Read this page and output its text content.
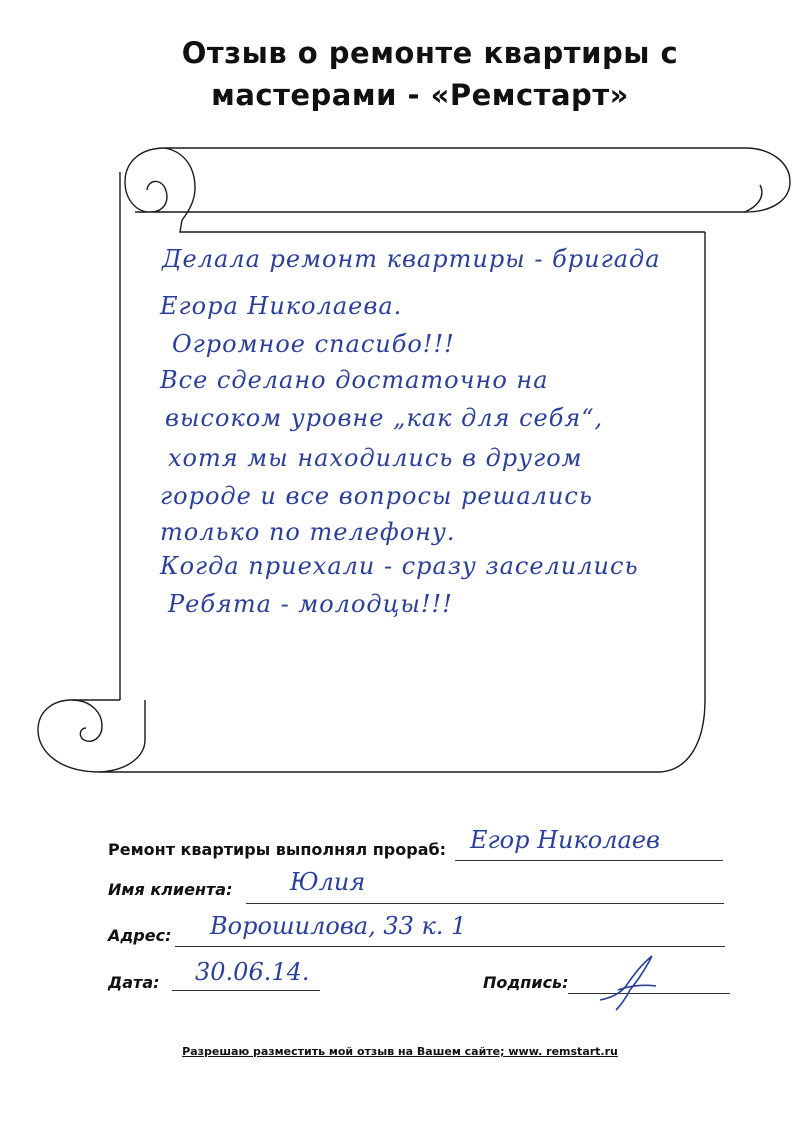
Отзыв о ремонте квартиры с

мастерами - «Ремстарт»
Делала ремонт квартиры - бригада
Егора Николаева.
Огромное спасибо!!!
Все сделано достаточно на
высоком уровне „как для себя“,
хотя мы находились в другом
городе и все вопросы решались
только по телефону.
Когда приехали - сразу заселились
Ребята - молодцы!!!
Ремонт квартиры выполнял прораб: Егор Николаев
Имя клиента: Юлия
Адрес: Ворошилова, 33 к. 1
Дата: 30.06.14.	Подпись:
Разрешаю разместить мой отзыв на Вашем сайте; www. remstart.ru
